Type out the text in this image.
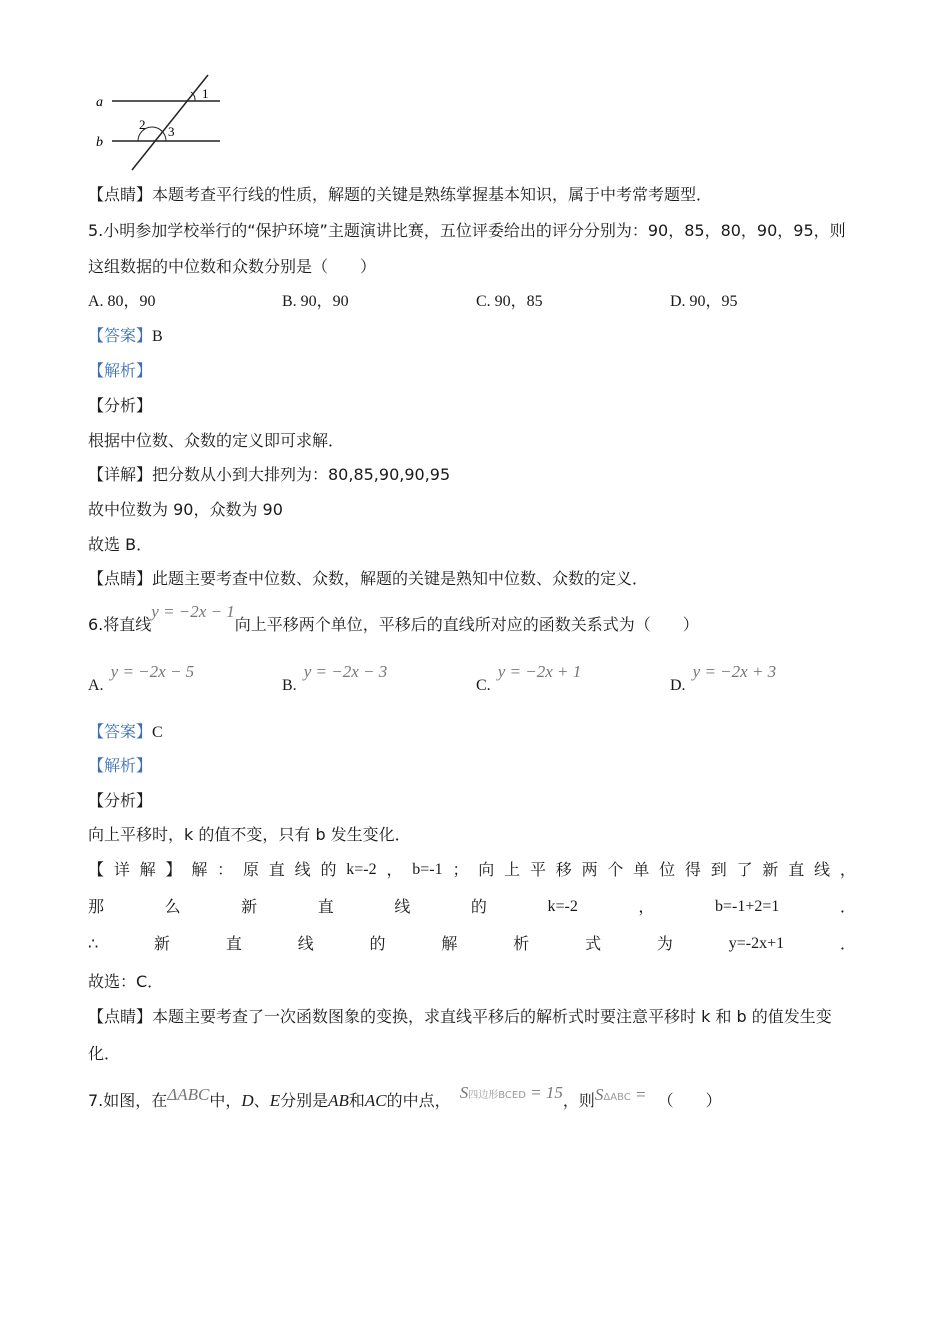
a
b
1
2 3
【点睛】本题考查平行线的性质，解题的关键是熟练掌握基本知识，属于中考常考题型．
5.小明参加学校举行的“保护环境”主题演讲比赛，五位评委给出的评分分别为：90，85，80，90，95，则
这组数据的中位数和众数分别是（　　）
A. 80，90	B. 90，90	C. 90，85	D. 90，95
【答案】B
【解析】
【分析】
根据中位数、众数的定义即可求解．
【详解】把分数从小到大排列为：80,85,90,90,95
故中位数为 90，众数为 90
故选 B．
【点睛】此题主要考查中位数、众数，解题的关键是熟知中位数、众数的定义．
6.将直线y = −2x − 1向上平移两个单位，平移后的直线所对应的函数关系式为（　　）
A. y = −2x − 5
B. y = −2x − 3
C. y = −2x + 1
D. y = −2x + 3
【答案】C
【解析】
【分析】
向上平移时，k 的值不变，只有 b 发生变化．
【 详 解 】 解 ： 原 直 线 的 k=-2 ， b=-1 ； 向 上 平 移 两 个 单 位 得 到 了 新 直 线 ，
那	么	新	直	线	的	k=-2	，	b=-1+2=1	．
∴	新	直	线	的	解	析	式	为	y=-2x+1	．
故选：C．
【点睛】本题主要考查了一次函数图象的变换，求直线平移后的解析式时要注意平移时 k 和 b 的值发生变
化．
7.如图，在ΔABC中，D、E分别是AB和AC的中点， S四边形BCED = 15，则SΔABC = （　　）
